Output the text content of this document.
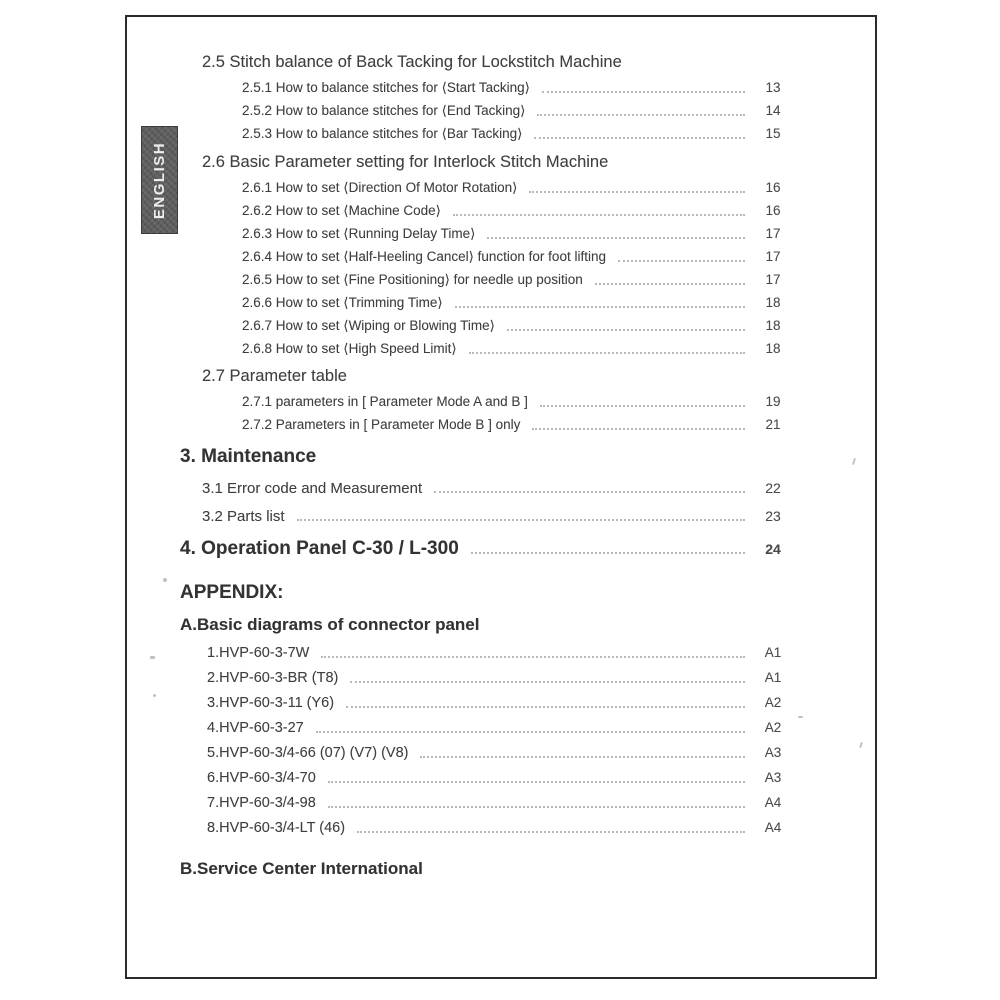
ENGLISH
2.5 Stitch balance of Back Tacking for Lockstitch Machine
2.5.1 How to balance stitches for ⟨Start Tacking⟩	13
2.5.2 How to balance stitches for ⟨End Tacking⟩	14
2.5.3 How to balance stitches for ⟨Bar Tacking⟩	15
2.6 Basic Parameter setting for Interlock Stitch Machine
2.6.1 How to set ⟨Direction Of Motor Rotation⟩	16
2.6.2 How to set ⟨Machine Code⟩	16
2.6.3 How to set ⟨Running Delay Time⟩	17
2.6.4 How to set ⟨Half-Heeling Cancel⟩ function for foot lifting	17
2.6.5 How to set ⟨Fine Positioning⟩ for needle up position	17
2.6.6 How to set ⟨Trimming Time⟩	18
2.6.7 How to set ⟨Wiping or Blowing Time⟩	18
2.6.8 How to set ⟨High Speed Limit⟩	18
2.7 Parameter table
2.7.1 parameters in [ Parameter Mode A and B ]	19
2.7.2 Parameters in [ Parameter Mode B ] only	21
3. Maintenance
3.1 Error code and Measurement	22
3.2 Parts list	23
4. Operation Panel C-30 / L-300	24
APPENDIX:
A.Basic diagrams of connector panel
1.HVP-60-3-7W	A1
2.HVP-60-3-BR (T8)	A1
3.HVP-60-3-11 (Y6)	A2
4.HVP-60-3-27	A2
5.HVP-60-3/4-66 (07) (V7) (V8)	A3
6.HVP-60-3/4-70	A3
7.HVP-60-3/4-98	A4
8.HVP-60-3/4-LT (46)	A4
B.Service Center International
